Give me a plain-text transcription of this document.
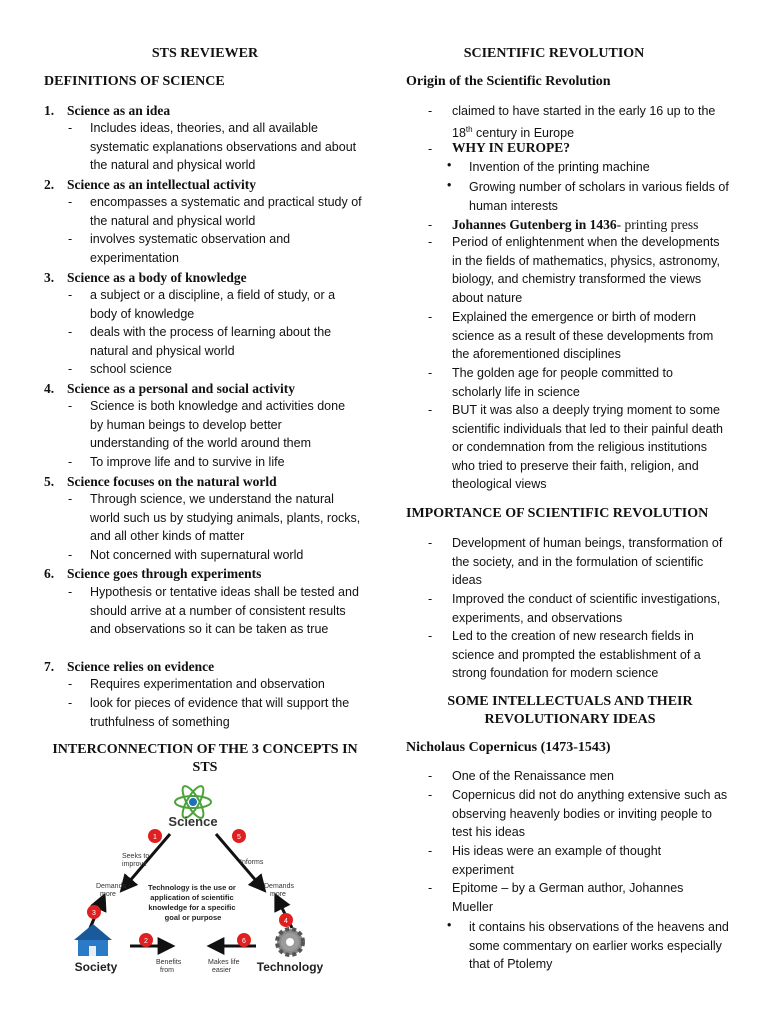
STS REVIEWER
DEFINITIONS OF SCIENCE
1. Science as an idea
- Includes ideas, theories, and all available systematic explanations observations and about the natural and physical world
2. Science as an intellectual activity
- encompasses a systematic and practical study of the natural and physical world
- involves systematic observation and experimentation
3. Science as a body of knowledge
- a subject or a discipline, a field of study, or a body of knowledge
- deals with the process of learning about the natural and physical world
- school science
4. Science as a personal and social activity
- Science is both knowledge and activities done by human beings to develop better understanding of the world around them
- To improve life and to survive in life
5. Science focuses on the natural world
- Through science, we understand the natural world such us by studying animals, plants, rocks, and all other kinds of matter
- Not concerned with supernatural world
6. Science goes through experiments
- Hypothesis or tentative ideas shall be tested and should arrive at a number of consistent results and observations so it can be taken as true
7. Science relies on evidence
- Requires experimentation and observation
- look for pieces of evidence that will support the truthfulness of something
INTERCONNECTION OF THE 3 CONCEPTS IN
STS
Science
1	5
3
4
2	6
Seeks to improve	Informs
Demands more
Demands more
Benefits from
Makes life easier
Technology is the use or application of scientific knowledge for a specific goal or purpose
Society	Technology
SCIENTIFIC REVOLUTION
Origin of the Scientific Revolution
- claimed to have started in the early 16 up to the 18th century in Europe
- WHY IN EUROPE?
• Invention of the printing machine
• Growing number of scholars in various fields of human interests
- Johannes Gutenberg in 1436- printing press
- Period of enlightenment when the developments in the fields of mathematics, physics, astronomy, biology, and chemistry transformed the views about nature
- Explained the emergence or birth of modern science as a result of these developments from the aforementioned disciplines
- The golden age for people committed to scholarly life in science
- BUT it was also a deeply trying moment to some scientific individuals that led to their painful death or condemnation from the religious institutions who tried to preserve their faith, religion, and theological views
IMPORTANCE OF SCIENTIFIC REVOLUTION
- Development of human beings, transformation of the society, and in the formulation of scientific ideas
- Improved the conduct of scientific investigations, experiments, and observations
- Led to the creation of new research fields in science and prompted the establishment of a strong foundation for modern science
SOME INTELLECTUALS AND THEIR
REVOLUTIONARY IDEAS
Nicholaus Copernicus (1473-1543)
- One of the Renaissance men
- Copernicus did not do anything extensive such as observing heavenly bodies or inviting people to test his ideas
- His ideas were an example of thought experiment
- Epitome – by a German author, Johannes Mueller
• it contains his observations of the heavens and some commentary on earlier works especially that of Ptolemy
